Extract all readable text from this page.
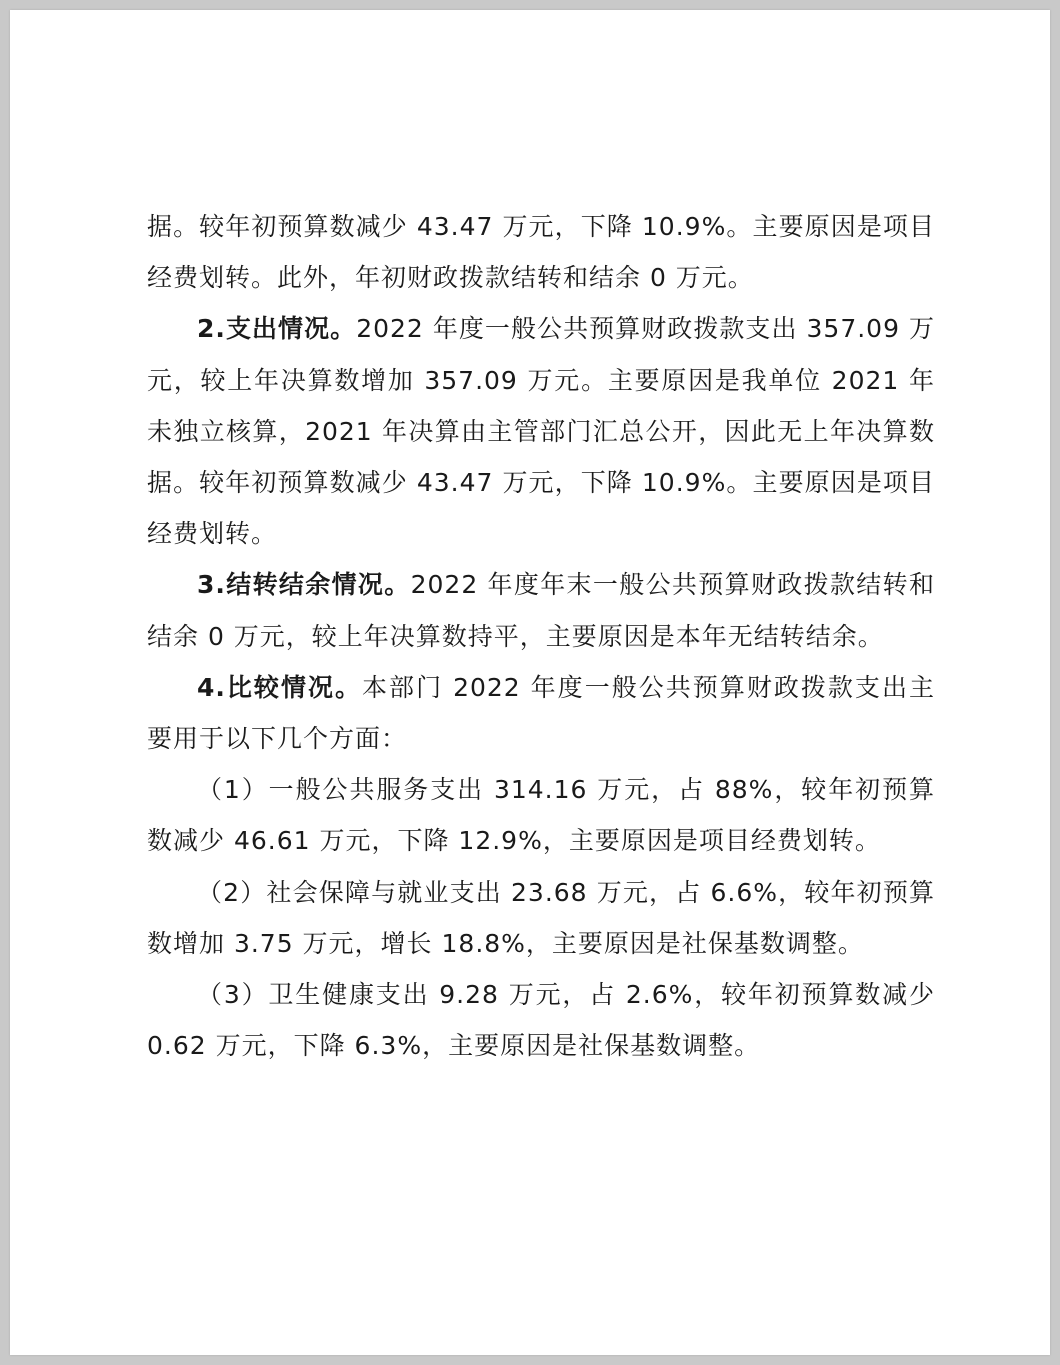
据。较年初预算数减少 43.47 万元，下降 10.9%。主要原因是项目经费划转。此外，年初财政拨款结转和结余 0 万元。

2.支出情况。2022 年度一般公共预算财政拨款支出 357.09 万元，较上年决算数增加 357.09 万元。主要原因是我单位 2021 年未独立核算，2021 年决算由主管部门汇总公开，因此无上年决算数据。较年初预算数减少 43.47 万元，下降 10.9%。主要原因是项目经费划转。

3.结转结余情况。2022 年度年末一般公共预算财政拨款结转和结余 0 万元，较上年决算数持平，主要原因是本年无结转结余。

4.比较情况。本部门 2022 年度一般公共预算财政拨款支出主要用于以下几个方面：

（1）一般公共服务支出 314.16 万元，占 88%，较年初预算数减少 46.61 万元，下降 12.9%，主要原因是项目经费划转。

（2）社会保障与就业支出 23.68 万元，占 6.6%，较年初预算数增加 3.75 万元，增长 18.8%，主要原因是社保基数调整。

（3）卫生健康支出 9.28 万元，占 2.6%，较年初预算数减少 0.62 万元，下降 6.3%，主要原因是社保基数调整。
